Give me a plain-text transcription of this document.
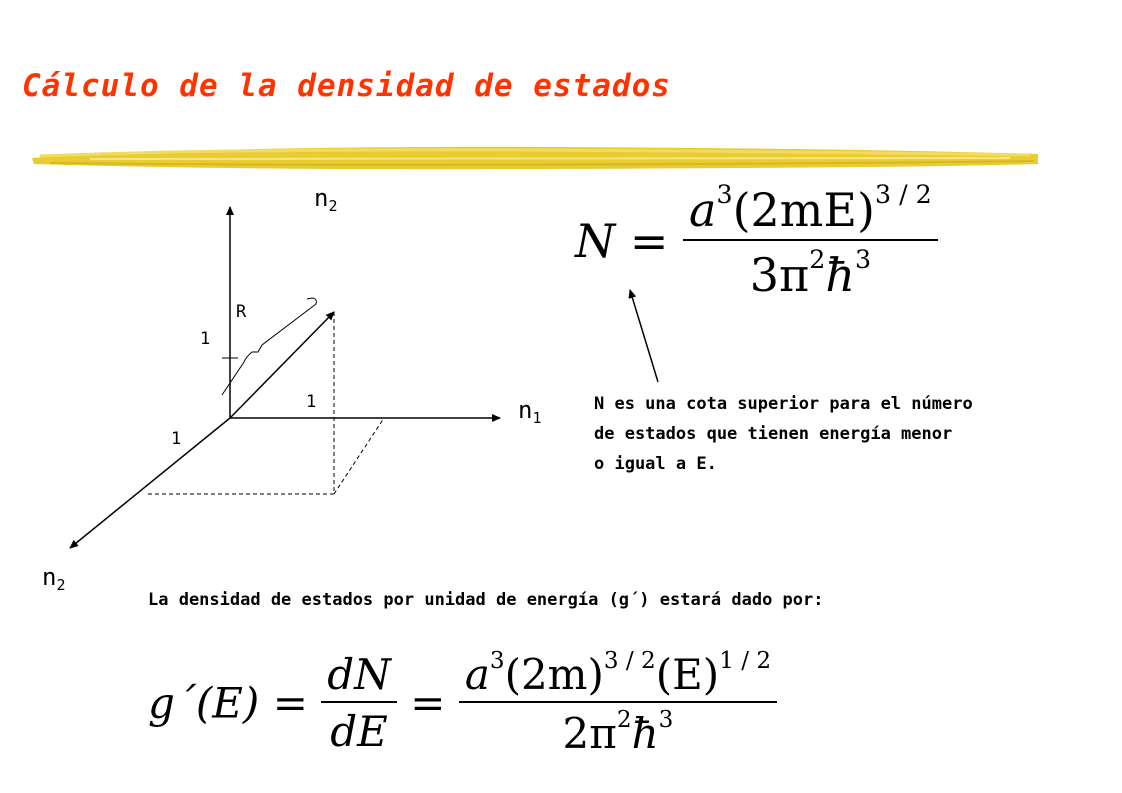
Cálculo de la densidad de estados
$n_2$
$n_1$
$n_2$
R
1
1
1
$N = \frac{a^3(2mE)^{3 / 2}}{3\pi^2ħ^3}$
N es una cota superior para el número
de estados que tienen energía menor
o igual a E.
La densidad de estados por unidad de energía (g´) estará dado por:
g´(E) = $\frac{dN}{dE} = \frac{a^3(2m)^{3 / 2}(E)^{1 / 2}}{2\pi^2ħ^3}$
